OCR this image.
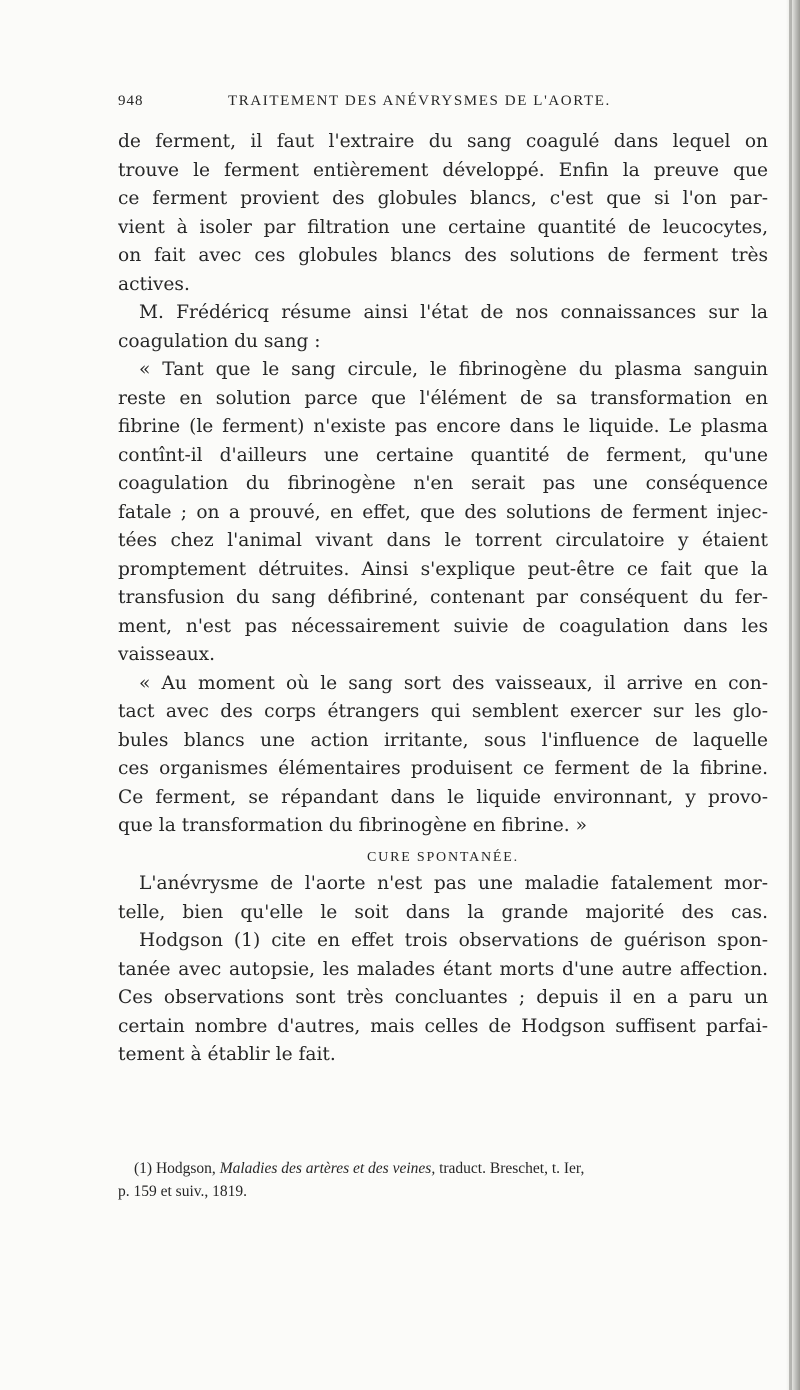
948	TRAITEMENT DES ANÉVRYSMES DE L'AORTE.
de ferment, il faut l'extraire du sang coagulé dans lequel on
trouve le ferment entièrement développé. Enfin la preuve que
ce ferment provient des globules blancs, c'est que si l'on par-
vient à isoler par filtration une certaine quantité de leucocytes,
on fait avec ces globules blancs des solutions de ferment très
actives.
M. Frédéricq résume ainsi l'état de nos connaissances sur la
coagulation du sang :
« Tant que le sang circule, le fibrinogène du plasma sanguin
reste en solution parce que l'élément de sa transformation en
fibrine (le ferment) n'existe pas encore dans le liquide. Le plasma
contînt-il d'ailleurs une certaine quantité de ferment, qu'une
coagulation du fibrinogène n'en serait pas une conséquence
fatale ; on a prouvé, en effet, que des solutions de ferment injec-
tées chez l'animal vivant dans le torrent circulatoire y étaient
promptement détruites. Ainsi s'explique peut-être ce fait que la
transfusion du sang défibriné, contenant par conséquent du fer-
ment, n'est pas nécessairement suivie de coagulation dans les
vaisseaux.
« Au moment où le sang sort des vaisseaux, il arrive en con-
tact avec des corps étrangers qui semblent exercer sur les glo-
bules blancs une action irritante, sous l'influence de laquelle
ces organismes élémentaires produisent ce ferment de la fibrine.
Ce ferment, se répandant dans le liquide environnant, y provo-
que la transformation du fibrinogène en fibrine. »
CURE SPONTANÉE.
L'anévrysme de l'aorte n'est pas une maladie fatalement mor-
telle, bien qu'elle le soit dans la grande majorité des cas.
Hodgson (1) cite en effet trois observations de guérison spon-
tanée avec autopsie, les malades étant morts d'une autre affection.
Ces observations sont très concluantes ; depuis il en a paru un
certain nombre d'autres, mais celles de Hodgson suffisent parfai-
tement à établir le fait.
(1) Hodgson, Maladies des artères et des veines, traduct. Breschet, t. Ier,
p. 159 et suiv., 1819.
